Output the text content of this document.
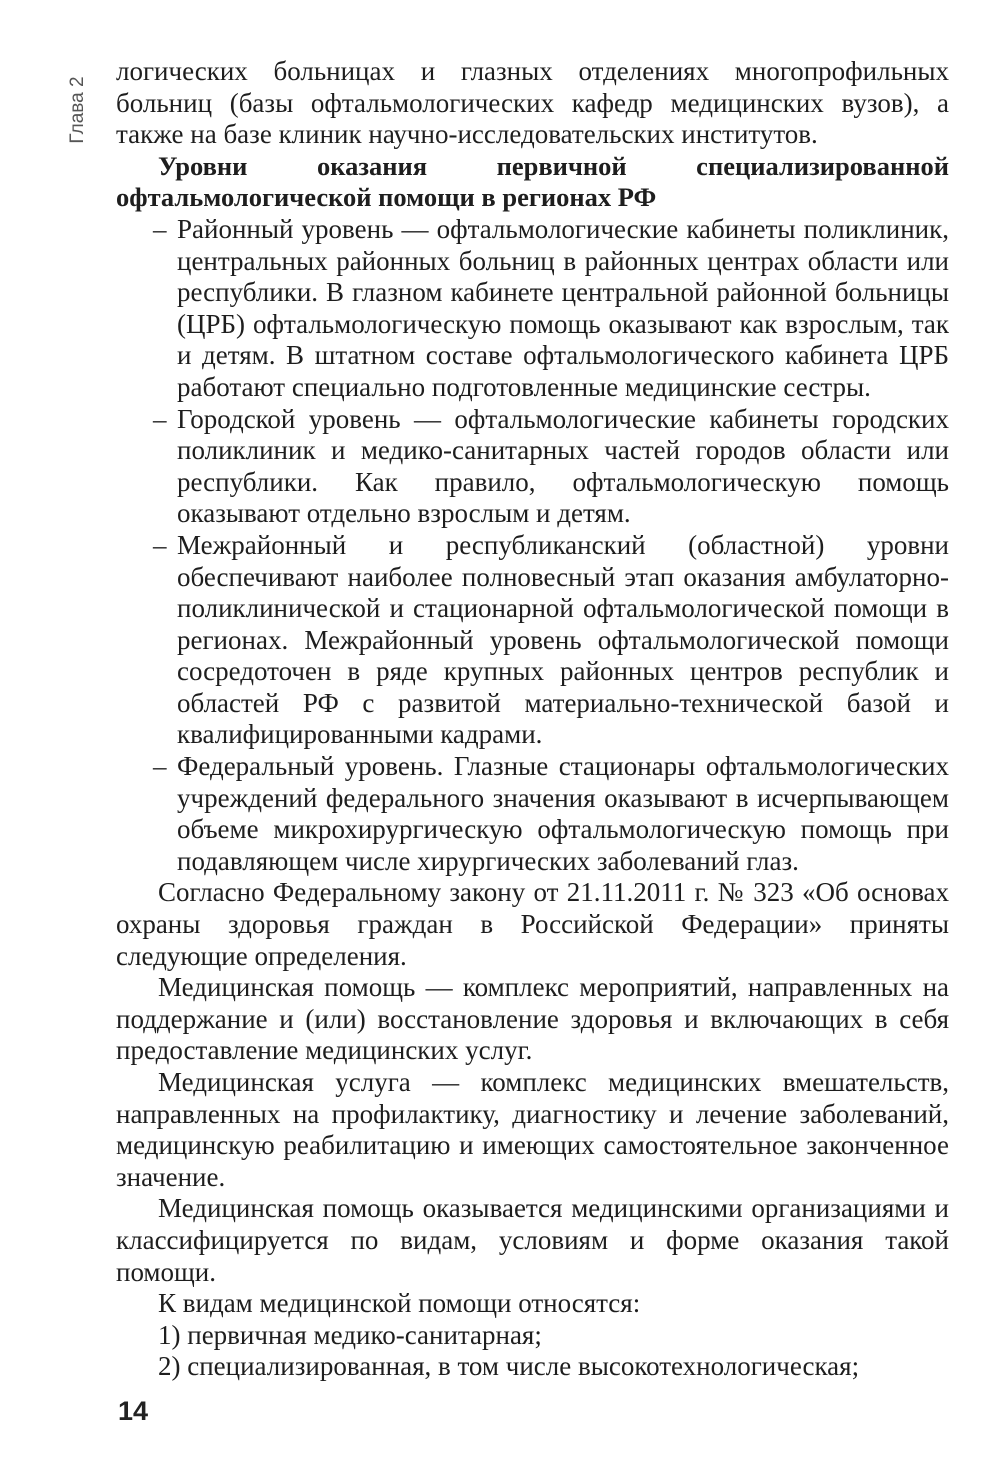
Глава 2

логических больницах и глазных отделениях многопрофильных больниц (базы офтальмологических кафедр медицинских вузов), а также на базе клиник научно-исследовательских институтов.

Уровни оказания первичной специализированной офтальмологической помощи в регионах РФ

– Районный уровень — офтальмологические кабинеты поликлиник, центральных районных больниц в районных центрах области или республики. В глазном кабинете центральной районной больницы (ЦРБ) офтальмологическую помощь оказывают как взрослым, так и детям. В штатном составе офтальмологического кабинета ЦРБ работают специально подготовленные медицинские сестры.
– Городской уровень — офтальмологические кабинеты городских поликлиник и медико-санитарных частей городов области или республики. Как правило, офтальмологическую помощь оказывают отдельно взрослым и детям.
– Межрайонный и республиканский (областной) уровни обеспечивают наиболее полновесный этап оказания амбулаторно-поликлинической и стационарной офтальмологической помощи в регионах. Межрайонный уровень офтальмологической помощи сосредоточен в ряде крупных районных центров республик и областей РФ с развитой материально-технической базой и квалифицированными кадрами.
– Федеральный уровень. Глазные стационары офтальмологических учреждений федерального значения оказывают в исчерпывающем объеме микрохирургическую офтальмологическую помощь при подавляющем числе хирургических заболеваний глаз.

Согласно Федеральному закону от 21.11.2011 г. № 323 «Об основах охраны здоровья граждан в Российской Федерации» приняты следующие определения.

Медицинская помощь — комплекс мероприятий, направленных на поддержание и (или) восстановление здоровья и включающих в себя предоставление медицинских услуг.

Медицинская услуга — комплекс медицинских вмешательств, направленных на профилактику, диагностику и лечение заболеваний, медицинскую реабилитацию и имеющих самостоятельное законченное значение.

Медицинская помощь оказывается медицинскими организациями и классифицируется по видам, условиям и форме оказания такой помощи.

К видам медицинской помощи относятся:

1) первичная медико-санитарная;
2) специализированная, в том числе высокотехнологическая;
14
